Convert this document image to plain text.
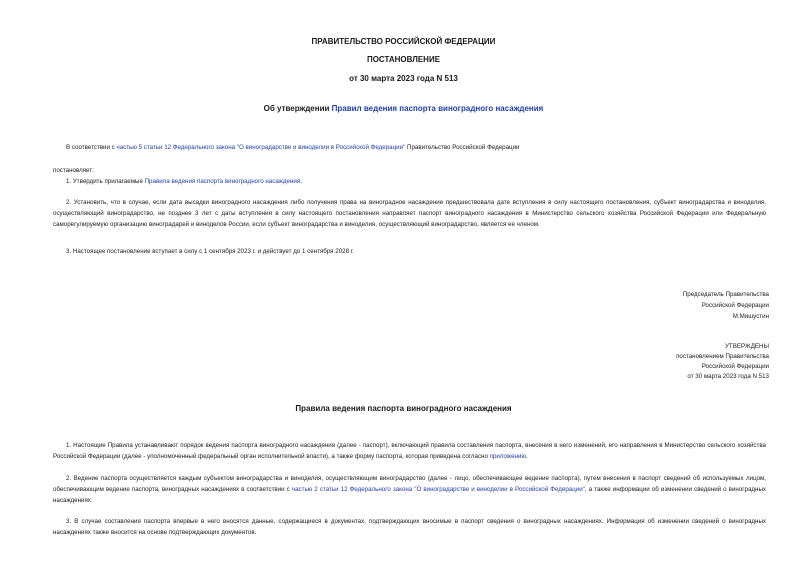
ПРАВИТЕЛЬСТВО РОССИЙСКОЙ ФЕДЕРАЦИИ
ПОСТАНОВЛЕНИЕ
от 30 марта 2023 года N 513
Об утверждении Правил ведения паспорта виноградного насаждения
В соответствии с частью 5 статьи 12 Федерального закона "О виноградарстве и виноделии в Российской Федерации" Правительство Российской Федерации
постановляет:
1. Утвердить прилагаемые Правила ведения паспорта виноградного насаждения.
2. Установить, что в случае, если дата высадки виноградного насаждения либо получения права на виноградное насаждение предшествовала дате вступления в силу настоящего постановления, субъект виноградарства и виноделия, осуществляющий виноградарство, не позднее 3 лет с даты вступления в силу настоящего постановления направляет паспорт виноградного насаждения в Министерство сельского хозяйства Российской Федерации или Федеральную саморегулируемую организацию виноградарей и виноделов России, если субъект виноградарства и виноделия, осуществляющий виноградарство, является ее членом.
3. Настоящее постановление вступает в силу с 1 сентября 2023 г. и действует до 1 сентября 2028 г.
Председатель Правительства
Российской Федерации
М.Мишустин
УТВЕРЖДЕНЫ
постановлением Правительства
Российской Федерации
от 30 марта 2023 года N 513
Правила ведения паспорта виноградного насаждения
1. Настоящие Правила устанавливают порядок ведения паспорта виноградного насаждения (далее - паспорт), включающий правила составления паспорта, внесения в него изменений, его направления в Министерство сельского хозяйства Российской Федерации (далее - уполномоченный федеральный орган исполнительной власти), а также форму паспорта, которая приведена согласно приложению.
2. Ведение паспорта осуществляется каждым субъектом виноградарства и виноделия, осуществляющим виноградарство (далее - лицо, обеспечивающее ведение паспорта), путем внесения в паспорт сведений об используемых лицом, обеспечивающим ведение паспорта, виноградных насаждениях в соответствии с частью 2 статьи 12 Федерального закона "О виноградарстве и виноделии в Российской Федерации", а также информации об изменении сведений о виноградных насаждениях.
3. В случае составления паспорта впервые в него вносятся данные, содержащиеся в документах, подтверждающих вносимые в паспорт сведения о виноградных насаждениях. Информация об изменении сведений о виноградных насаждениях также вносится на основе подтверждающих документов.
